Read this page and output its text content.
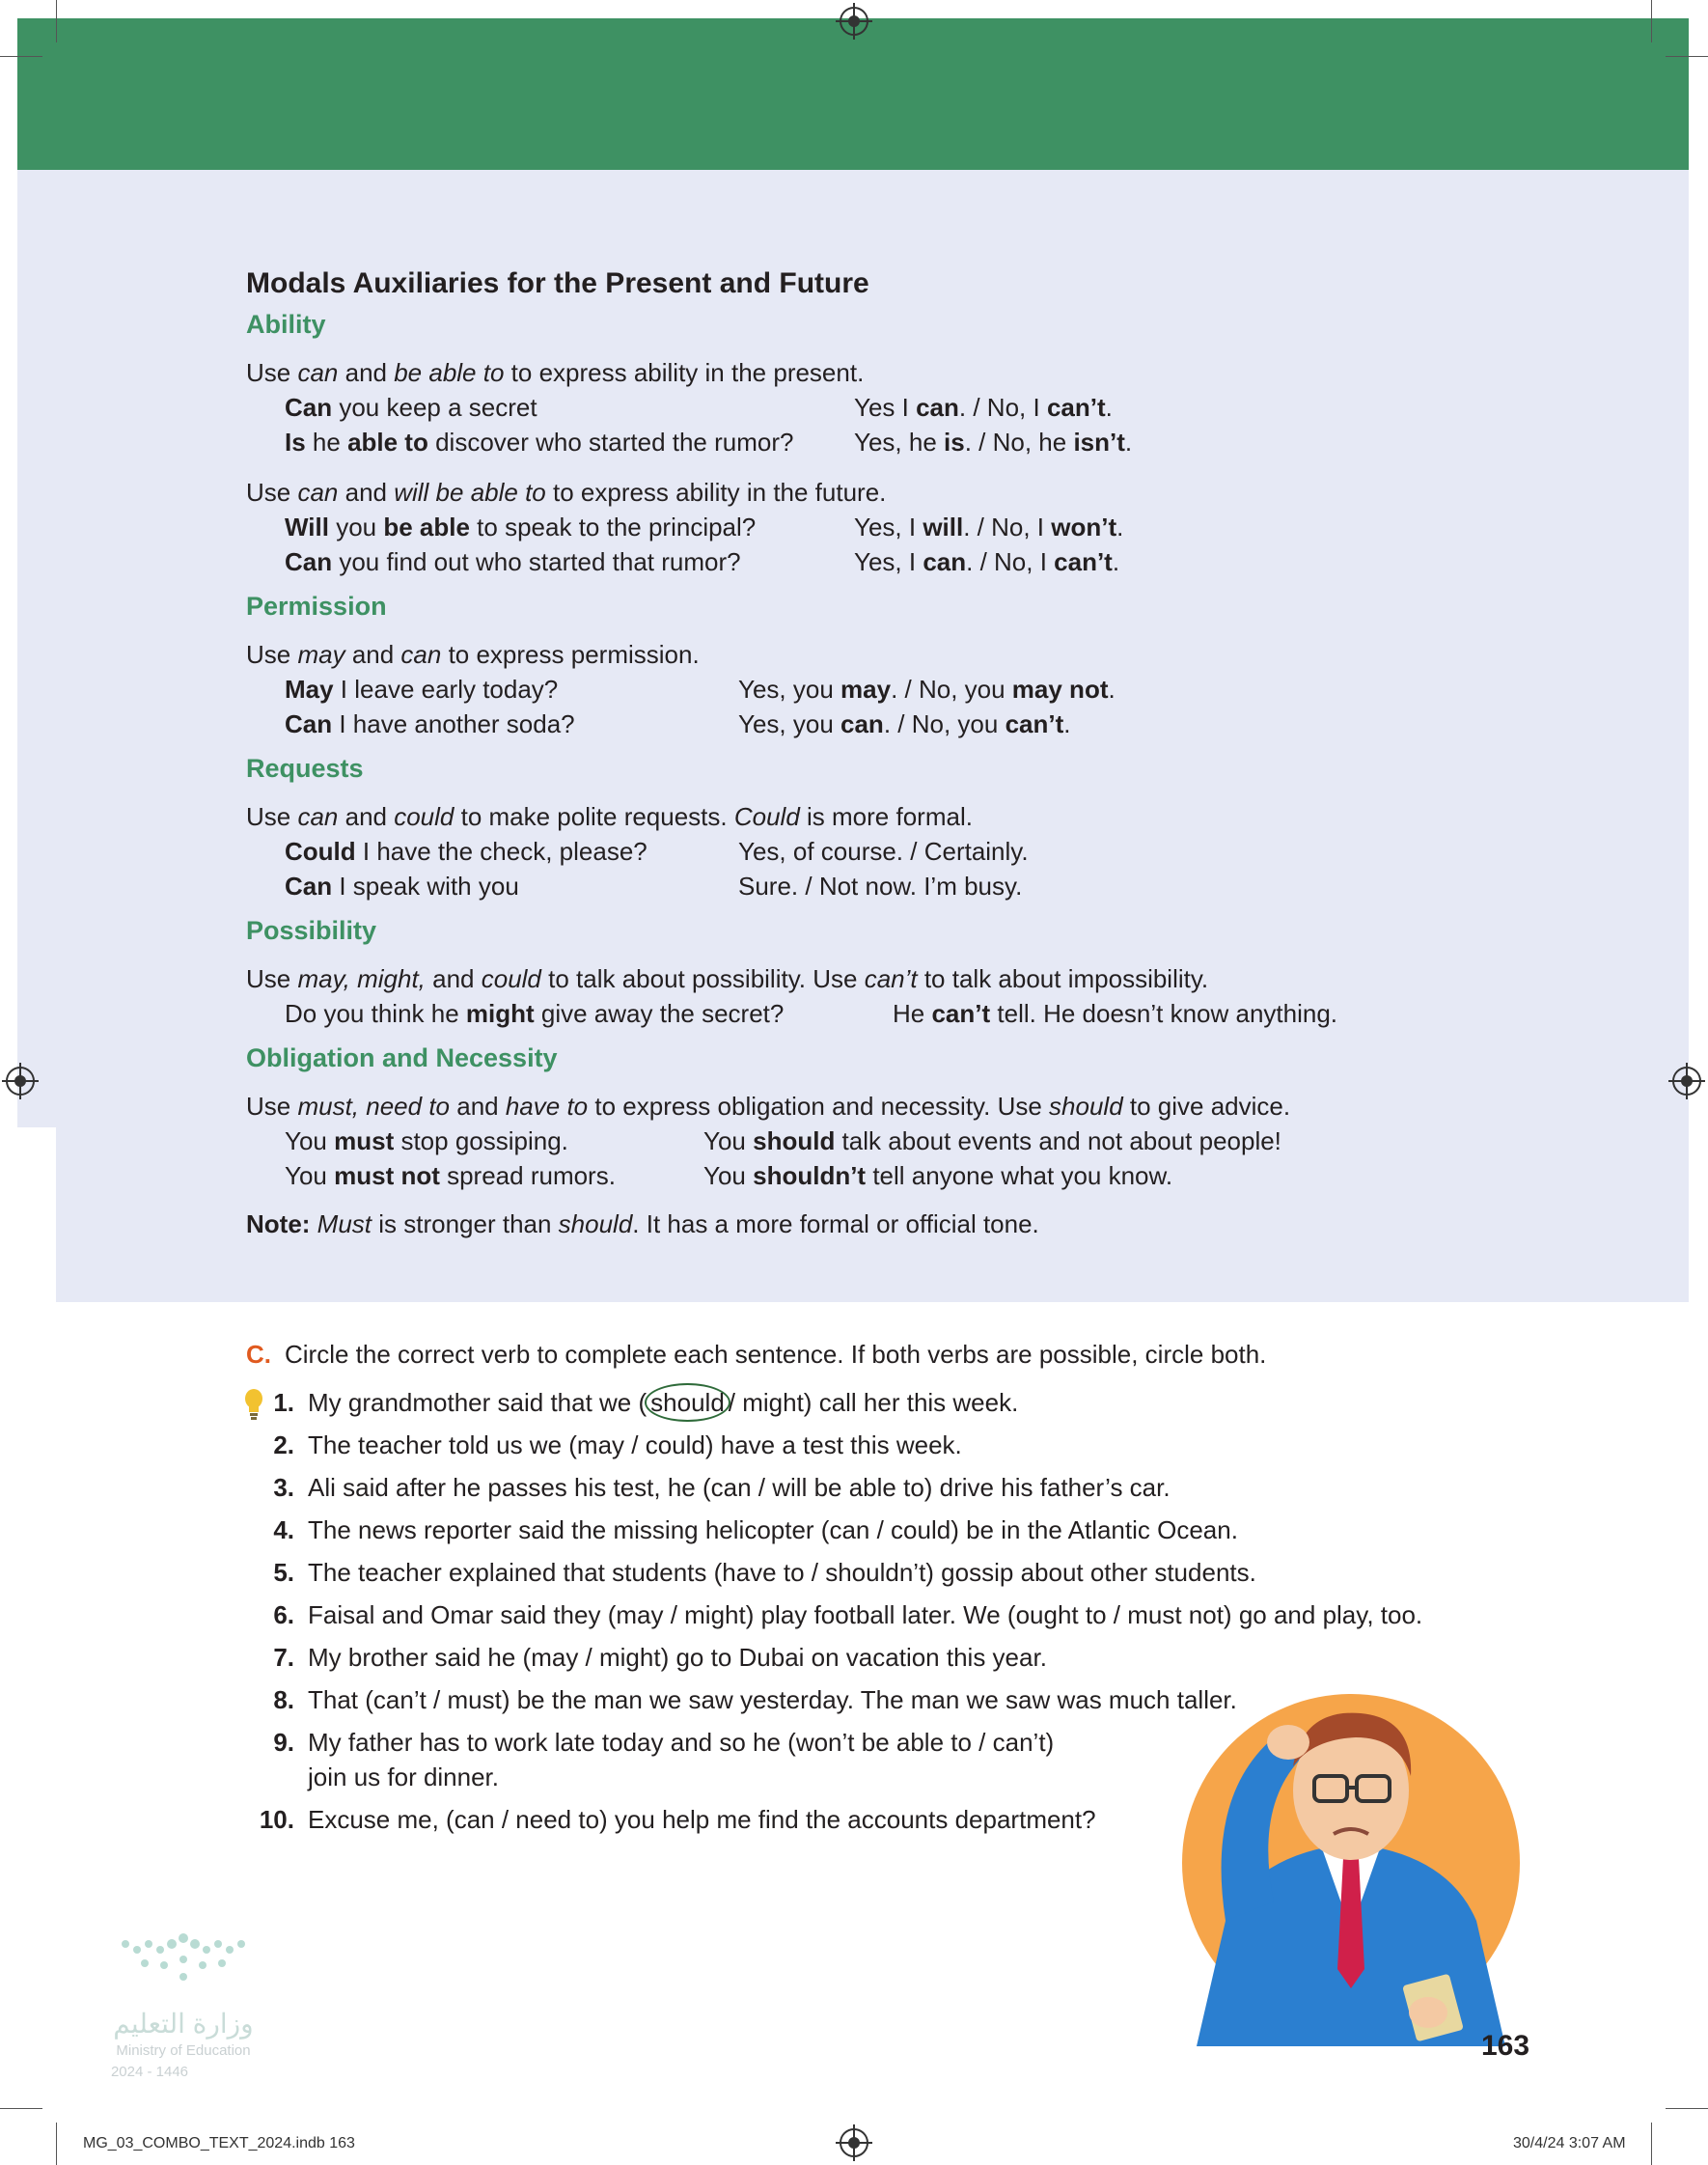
Modals Auxiliaries for the Present and Future
Ability

Use can and be able to to express ability in the present.

Can you keep a secret	Yes I can. / No, I can’t.
Is he able to discover who started the rumor?	Yes, he is. / No, he isn’t.

Use can and will be able to to express ability in the future.

Will you be able to speak to the principal?	Yes, I will. / No, I won’t.
Can you find out who started that rumor?	Yes, I can. / No, I can’t.
Permission

Use may and can to express permission.

May I leave early today?	Yes, you may. / No, you may not.
Can I have another soda?	Yes, you can. / No, you can’t.
Requests

Use can and could to make polite requests. Could is more formal.

Could I have the check, please?	Yes, of course. / Certainly.
Can I speak with you	Sure. / Not now. I’m busy.
Possibility

Use may, might, and could to talk about possibility. Use can’t to talk about impossibility.

Do you think he might give away the secret?	He can’t tell. He doesn’t know anything.
Obligation and Necessity

Use must, need to and have to to express obligation and necessity. Use should to give advice.

You must stop gossiping.	You should talk about events and not about people!
You must not spread rumors.	You shouldn’t tell anyone what you know.

Note: Must is stronger than should. It has a more formal or official tone.

C. Circle the correct verb to complete each sentence. If both verbs are possible, circle both.
1. My grandmother said that we ( should / might) call her this week.
2. The teacher told us we (may / could) have a test this week.
3. Ali said after he passes his test, he (can / will be able to) drive his father’s car.
4. The news reporter said the missing helicopter (can / could) be in the Atlantic Ocean.
5. The teacher explained that students (have to / shouldn’t) gossip about other students.
6. Faisal and Omar said they (may / might) play football later. We (ought to / must not) go and play, too.
7. My brother said he (may / might) go to Dubai on vacation this year.
8. That (can’t / must) be the man we saw yesterday. The man we saw was much taller.
9. My father has to work late today and so he (won’t be able to / can’t)
join us for dinner.
10. Excuse me, (can / need to) you help me find the accounts department?
وزارة التعليم
Ministry of Education
2024 - 1446
163
MG_03_COMBO_TEXT_2024.indb 163	30/4/24 3:07 AM
